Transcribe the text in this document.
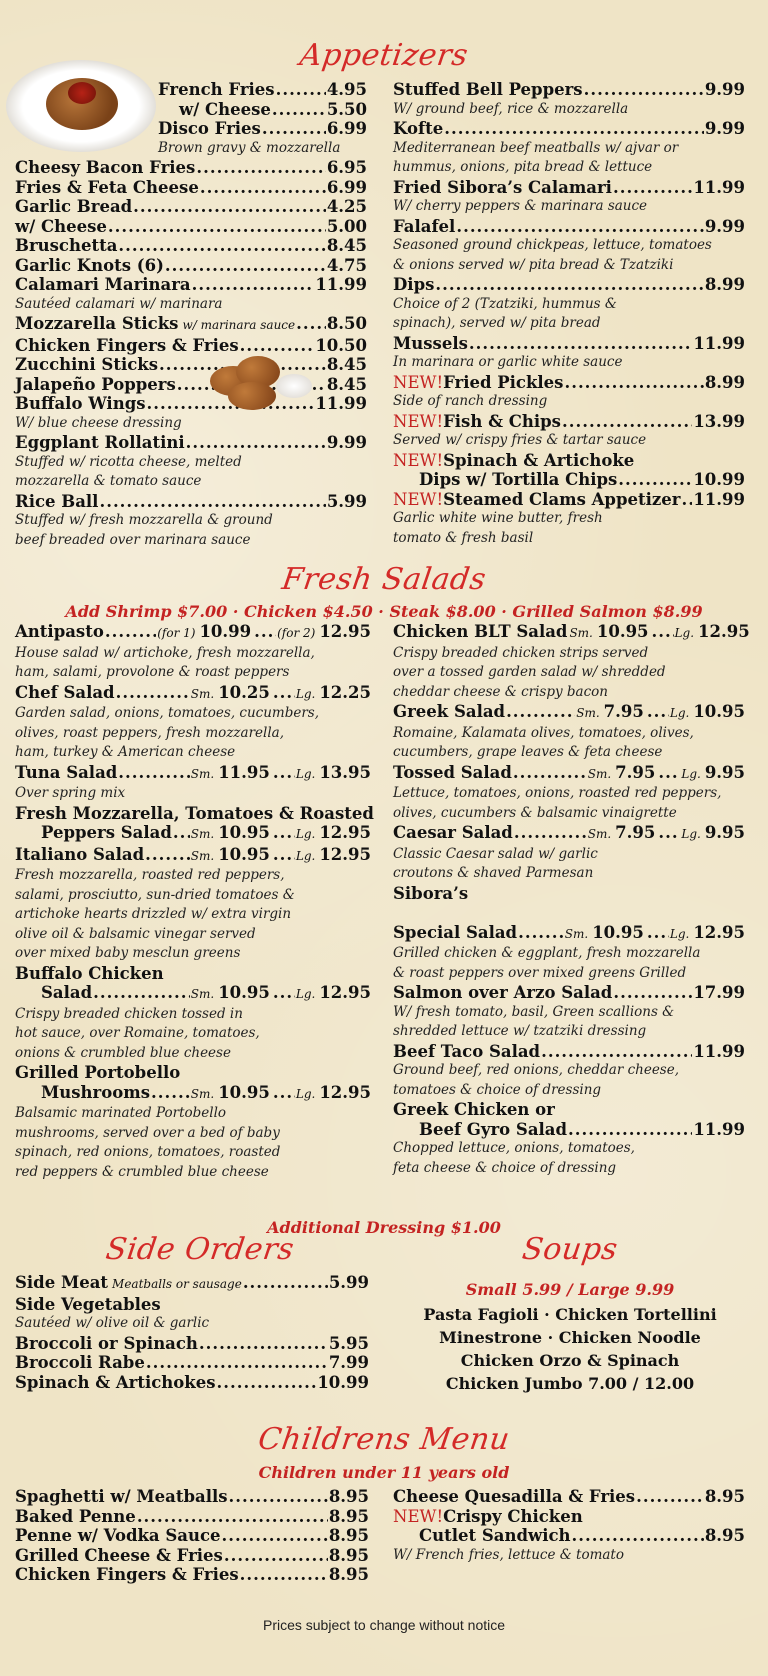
Appetizers
French Fries .....	4.95
w/ Cheese .....	5.50
Disco Fries .....	6.99
Brown gravy & mozzarella
Cheesy Bacon Fries .....	6.95
Fries & Feta Cheese .....	6.99
Garlic Bread .....	4.25
w/ Cheese .....	5.00
Bruschetta .....	8.45
Garlic Knots (6) .....	4.75
Calamari Marinara .....	11.99
Sautéed calamari w/ marinara
Mozzarella Sticks w/ marinara sauce ..... 8.50
Chicken Fingers & Fries .....	10.50
Zucchini Sticks .....	8.45
Jalapeño Poppers .....	8.45
Buffalo Wings .....	11.99
W/ blue cheese dressing
Eggplant Rollatini .....	9.99
Stuffed w/ ricotta cheese, melted
mozzarella & tomato sauce
Rice Ball .....	5.99
Stuffed w/ fresh mozzarella & ground
beef breaded over marinara sauce
Stuffed Bell Peppers .....	9.99
W/ ground beef, rice & mozzarella
Kofte .....	9.99
Mediterranean beef meatballs w/ ajvar or
hummus, onions, pita bread & lettuce
Fried Sibora’s Calamari .....	11.99
W/ cherry peppers & marinara sauce
Falafel .....	9.99
Seasoned ground chickpeas, lettuce, tomatoes
& onions served w/ pita bread & Tzatziki
Dips .....	8.99
Choice of 2 (Tzatziki, hummus &
spinach), served w/ pita bread
Mussels .....	11.99
In marinara or garlic white sauce
NEW! Fried Pickles .....	8.99
Side of ranch dressing
NEW! Fish & Chips .....	13.99
Served w/ crispy fries & tartar sauce
NEW! Spinach & Artichoke
Dips w/ Tortilla Chips .....	10.99
NEW! Steamed Clams Appetizer ..... 11.99
Garlic white wine butter, fresh
tomato & fresh basil
Fresh Salads
Add Shrimp $7.00 · Chicken $4.50 · Steak $8.00 · Grilled Salmon $8.99
Antipasto .....	(for 1) 10.99 ..... (for 2) 12.95
House salad w/ artichoke, fresh mozzarella,
ham, salami, provolone & roast peppers
Chef Salad .....	Sm. 10.25 ..... Lg. 12.25
Garden salad, onions, tomatoes, cucumbers,
olives, roast peppers, fresh mozzarella,
ham, turkey & American cheese
Tuna Salad .....	Sm. 11.95 ..... Lg. 13.95
Over spring mix
Fresh Mozzarella, Tomatoes & Roasted
Peppers Salad ..... Sm. 10.95 ..... Lg. 12.95
Italiano Salad .....	Sm. 10.95 ..... Lg. 12.95
Fresh mozzarella, roasted red peppers,
salami, prosciutto, sun-dried tomatoes &
artichoke hearts drizzled w/ extra virgin
olive oil & balsamic vinegar served
over mixed baby mesclun greens
Buffalo Chicken
Salad .....	Sm. 10.95 ..... Lg. 12.95
Crispy breaded chicken tossed in
hot sauce, over Romaine, tomatoes,
onions & crumbled blue cheese
Grilled Portobello
Mushrooms .....	Sm. 10.95 ..... Lg. 12.95
Balsamic marinated Portobello
mushrooms, served over a bed of baby
spinach, red onions, tomatoes, roasted
red peppers & crumbled blue cheese
Chicken BLT Salad Sm. 10.95 ..... Lg. 12.95
Crispy breaded chicken strips served
over a tossed garden salad w/ shredded
cheddar cheese & crispy bacon
Greek Salad .....	Sm. 7.95 ..... Lg. 10.95
Romaine, Kalamata olives, tomatoes, olives,
cucumbers, grape leaves & feta cheese
Tossed Salad .....	Sm. 7.95 ..... Lg. 9.95
Lettuce, tomatoes, onions, roasted red peppers,
olives, cucumbers & balsamic vinaigrette
Caesar Salad .....	Sm. 7.95 ..... Lg. 9.95
Classic Caesar salad w/ garlic
croutons & shaved Parmesan
Sibora’s
Special Salad .....	Sm. 10.95 ..... Lg. 12.95
Grilled chicken & eggplant, fresh mozzarella
& roast peppers over mixed greens Grilled
Salmon over Arzo Salad .....	17.99
W/ fresh tomato, basil, Green scallions &
shredded lettuce w/ tzatziki dressing
Beef Taco Salad .....	11.99
Ground beef, red onions, cheddar cheese,
tomatoes & choice of dressing
Greek Chicken or
Beef Gyro Salad .....	11.99
Chopped lettuce, onions, tomatoes,
feta cheese & choice of dressing
Additional Dressing $1.00
Side Orders
Side Meat Meatballs or sausage .....	5.99
Side Vegetables
Sautéed w/ olive oil & garlic
Broccoli or Spinach .....	5.95
Broccoli Rabe .....	7.99
Spinach & Artichokes .....	10.99
Soups
Small 5.99 / Large 9.99
Pasta Fagioli · Chicken Tortellini
Minestrone · Chicken Noodle
Chicken Orzo & Spinach
Chicken Jumbo 7.00 / 12.00
Childrens Menu
Children under 11 years old
Spaghetti w/ Meatballs .....	8.95
Baked Penne .....	8.95
Penne w/ Vodka Sauce .....	8.95
Grilled Cheese & Fries .....	8.95
Chicken Fingers & Fries .....	8.95
Cheese Quesadilla & Fries .....	8.95
NEW! Crispy Chicken
Cutlet Sandwich .....	8.95
W/ French fries, lettuce & tomato
Prices subject to change without notice
